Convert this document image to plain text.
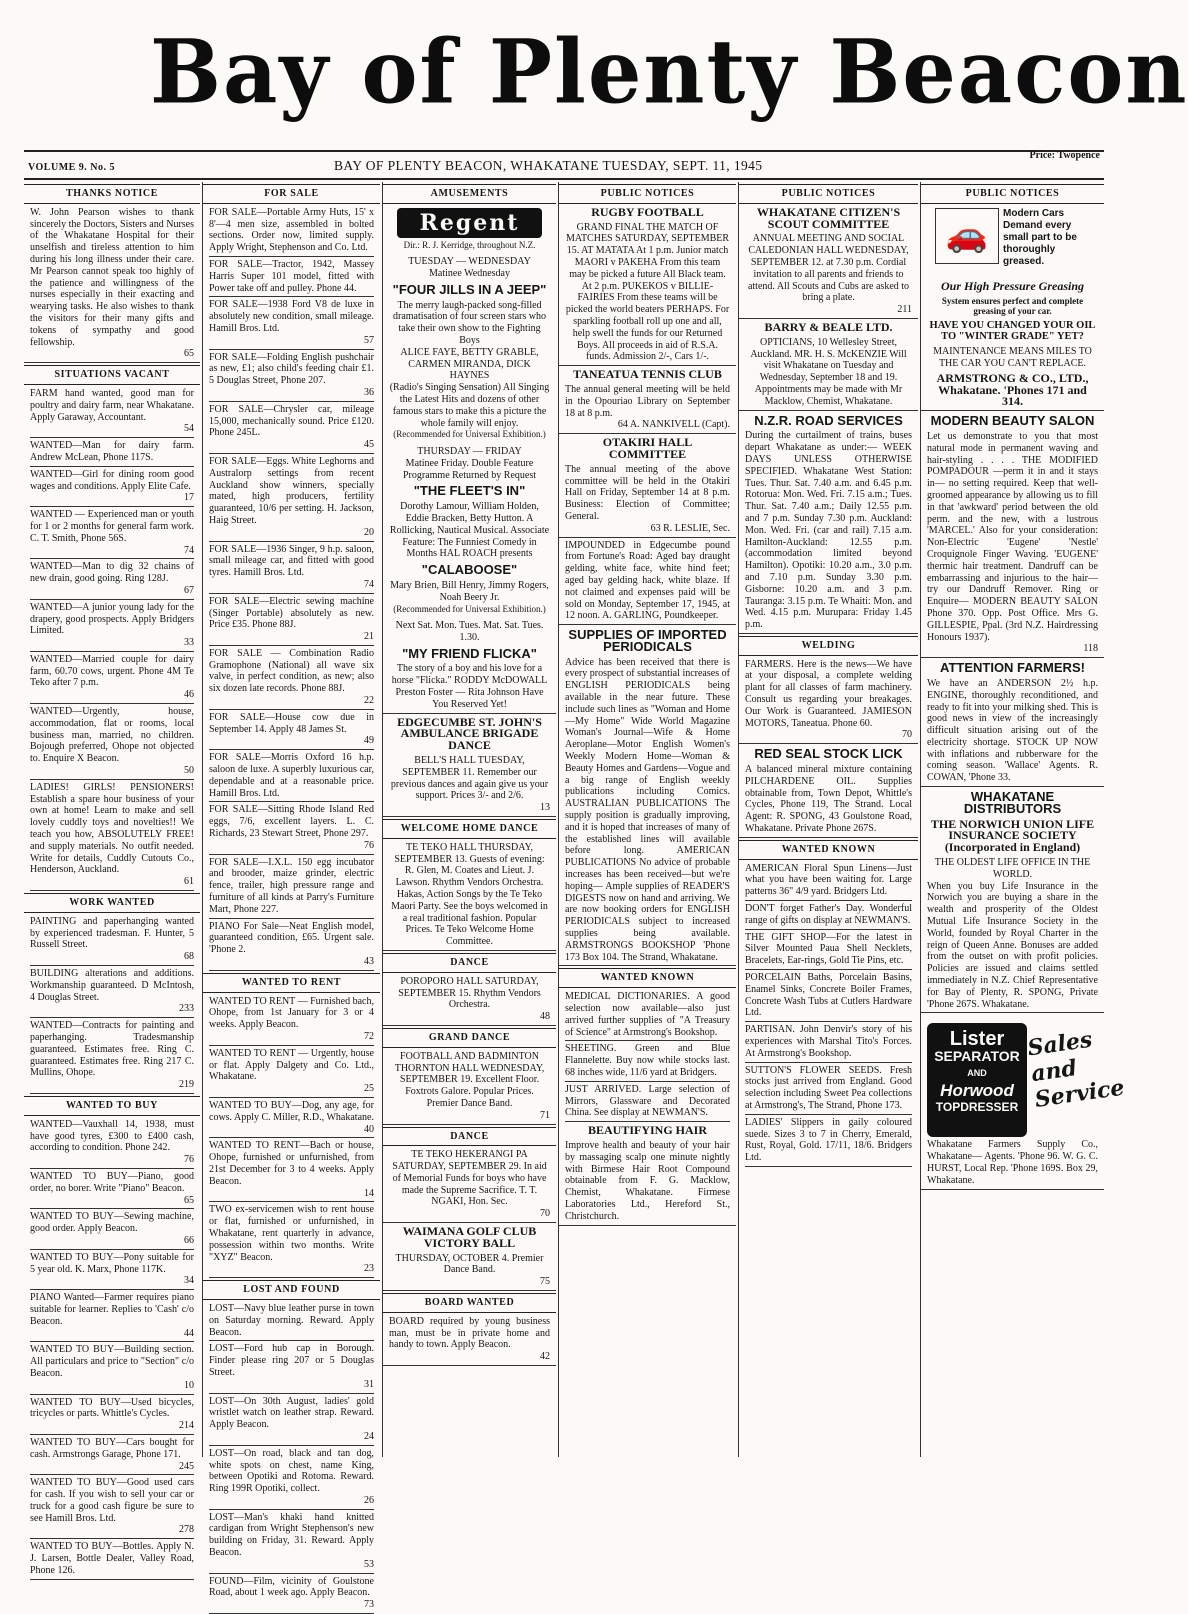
Bay of Plenty Beacon
VOLUME 9. No. 5	BAY OF PLENTY BEACON, WHAKATANE TUESDAY, SEPT. 11, 1945
Price: Twopence
THANKS NOTICE
W. John Pearson wishes to thank sincerely the Doctors, Sisters and Nurses of the Whakatane Hospital for their unselfish and tireless attention to him during his long illness under their care. Mr Pearson cannot speak too highly of the patience and willingness of the nurses especially in their exacting and wearying tasks. He also wishes to thank the visitors for their many gifts and tokens of sympathy and good fellowship.
65
SITUATIONS VACANT
FARM hand wanted, good man for poultry and dairy farm, near Whakatane. Apply Garaway, Accountant.
54
WANTED—Man for dairy farm. Andrew McLean, Phone 117S.
WANTED—Girl for dining room good wages and conditions. Apply Elite Cafe.
17
WANTED — Experienced man or youth for 1 or 2 months for general farm work. C. T. Smith, Phone 56S.
74
WANTED—Man to dig 32 chains of new drain, good going. Ring 128J.
67
WANTED—A junior young lady for the drapery, good prospects. Apply Bridgers Limited.
33
WANTED—Married couple for dairy farm, 60.70 cows, urgent. Phone 4M Te Teko after 7 p.m.
46
WANTED—Urgently, house, accommodation, flat or rooms, local business man, married, no children. Bojough preferred, Ohope not objected to. Enquire X Beacon.
50
LADIES! GIRLS! PENSIONERS! Establish a spare hour business of your own at home! Learn to make and sell lovely cuddly toys and novelties!! We teach you how, ABSOLUTELY FREE! and supply materials. No outfit needed. Write for details, Cuddly Cutouts Co., Henderson, Auckland.
61
WORK WANTED
PAINTING and paperhanging wanted by experienced tradesman. F. Hunter, 5 Russell Street.
68
BUILDING alterations and additions. Workmanship guaranteed. D McIntosh, 4 Douglas Street.
233
WANTED—Contracts for painting and paperhanging. Tradesmanship guaranteed. Estimates free. Ring C. guaranteed. Estimates free. Ring 217 C. Mullins, Ohope.
219
WANTED TO BUY
WANTED—Vauxhall 14, 1938, must have good tyres, £300 to £400 cash, according to condition. Phone 242.
76
WANTED TO BUY—Piano, good order, no borer. Write "Piano" Beacon.
65
WANTED TO BUY—Sewing machine, good order. Apply Beacon.
66
WANTED TO BUY—Pony suitable for 5 year old. K. Marx, Phone 117K.
34
PIANO Wanted—Farmer requires piano suitable for learner. Replies to 'Cash' c/o Beacon.
44
WANTED TO BUY—Building section. All particulars and price to "Section" c/o Beacon.
10
WANTED TO BUY—Used bicycles, tricycles or parts. Whittle's Cycles.
214
WANTED TO BUY—Cars bought for cash. Armstrongs Garage, Phone 171.
245
WANTED TO BUY—Good used cars for cash. If you wish to sell your car or truck for a good cash figure be sure to see Hamill Bros. Ltd.
278
WANTED TO BUY—Bottles. Apply N. J. Larsen, Bottle Dealer, Valley Road, Phone 126.
FOR SALE
FOR SALE—Portable Army Huts, 15' x 8'—4 men size, assembled in bolted sections. Order now, limited supply. Apply Wright, Stephenson and Co. Ltd.
FOR SALE—Tractor, 1942, Massey Harris Super 101 model, fitted with Power take off and pulley. Phone 44.
FOR SALE—1938 Ford V8 de luxe in absolutely new condition, small mileage. Hamill Bros. Ltd.
57
FOR SALE—Folding English pushchair as new, £1; also child's feeding chair £1. 5 Douglas Street, Phone 207.
36
FOR SALE—Chrysler car, mileage 15,000, mechanically sound. Price £120. Phone 245L.
45
FOR SALE—Eggs. White Leghorns and Australorp settings from recent Auckland show winners, specially mated, high producers, fertility guaranteed, 10/6 per setting. H. Jackson, Haig Street.
20
FOR SALE—1936 Singer, 9 h.p. saloon, small mileage car, and fitted with good tyres. Hamill Bros. Ltd.
74
FOR SALE—Electric sewing machine (Singer Portable) absolutely as new. Price £35. Phone 88J.
21
FOR SALE — Combination Radio Gramophone (National) all wave six valve, in perfect condition, as new; also six dozen late records. Phone 88J.
22
FOR SALE—House cow due in September 14. Apply 48 James St.
49
FOR SALE—Morris Oxford 16 h.p. saloon de luxe. A superbly luxurious car, dependable and at a reasonable price. Hamill Bros. Ltd.
FOR SALE—Sitting Rhode Island Red eggs, 7/6, excellent layers. L. C. Richards, 23 Stewart Street, Phone 297.
76
FOR SALE—I.X.L. 150 egg incubator and brooder, maize grinder, electric fence, trailer, high pressure range and furniture of all kinds at Parry's Furniture Mart, Phone 227.
PIANO For Sale—Neat English model, guaranteed condition, £65. Urgent sale. 'Phone 2.
43
WANTED TO RENT
WANTED TO RENT — Furnished bach, Ohope, from 1st January for 3 or 4 weeks. Apply Beacon.
72
WANTED TO RENT — Urgently, house or flat. Apply Dalgety and Co. Ltd., Whakatane.
25
WANTED TO BUY—Dog, any age, for cows. Apply C. Miller, R.D., Whakatane.
40
WANTED TO RENT—Bach or house, Ohope, furnished or unfurnished, from 21st December for 3 to 4 weeks. Apply Beacon.
14
TWO ex-servicemen wish to rent house or flat, furnished or unfurnished, in Whakatane, rent quarterly in advance, possession within two months. Write "XYZ" Beacon.
23
LOST AND FOUND
LOST—Navy blue leather purse in town on Saturday morning. Reward. Apply Beacon.
LOST—Ford hub cap in Borough. Finder please ring 207 or 5 Douglas Street.
31
LOST—On 30th August, ladies' gold wristlet watch on leather strap. Reward. Apply Beacon.
24
LOST—On road, black and tan dog, white spots on chest, name King, between Opotiki and Rotoma. Reward. Ring 199R Opotiki, collect.
26
LOST—Man's khaki hand knitted cardigan from Wright Stephenson's new building on Friday, 31. Reward. Apply Beacon.
53
FOUND—Film, vicinity of Goulstone Road, about 1 week ago. Apply Beacon.
73
AMUSEMENTS
Regent
Dir.: R. J. Kerridge, throughout N.Z.
TUESDAY — WEDNESDAY
Matinee Wednesday
"FOUR JILLS IN A JEEP"
The merry laugh-packed song-filled dramatisation of four screen stars who take their own show to the Fighting Boys
ALICE FAYE, BETTY GRABLE, CARMEN MIRANDA, DICK HAYNES
(Radio's Singing Sensation) All Singing the Latest Hits and dozens of other famous stars to make this a picture the whole family will enjoy.
(Recommended for Universal Exhibition.)
THURSDAY — FRIDAY
Matinee Friday. Double Feature Programme Returned by Request
"THE FLEET'S IN"
Dorothy Lamour, William Holden, Eddie Bracken, Betty Hutton. A Rollicking, Nautical Musical. Associate Feature: The Funniest Comedy in Months HAL ROACH presents
"CALABOOSE"
Mary Brien, Bill Henry, Jimmy Rogers, Noah Beery Jr.
(Recommended for Universal Exhibition.)
Next Sat. Mon. Tues. Mat. Sat. Tues. 1.30.
"MY FRIEND FLICKA"
The story of a boy and his love for a horse "Flicka." RODDY McDOWALL Preston Foster — Rita Johnson Have You Reserved Yet!
EDGECUMBE ST. JOHN'S AMBULANCE BRIGADE DANCE
BELL'S HALL TUESDAY, SEPTEMBER 11. Remember our previous dances and again give us your support. Prices 3/- and 2/6.
13
WELCOME HOME DANCE
TE TEKO HALL THURSDAY, SEPTEMBER 13. Guests of evening: R. Glen, M. Coates and Lieut. J. Lawson. Rhythm Vendors Orchestra. Hakas, Action Songs by the Te Teko Maori Party. See the boys welcomed in a real traditional fashion. Popular Prices. Te Teko Welcome Home Committee.
DANCE
POROPORO HALL SATURDAY, SEPTEMBER 15. Rhythm Vendors Orchestra.
48
GRAND DANCE
FOOTBALL AND BADMINTON THORNTON HALL WEDNESDAY, SEPTEMBER 19. Excellent Floor. Foxtrots Galore. Popular Prices. Premier Dance Band.
71
DANCE
TE TEKO HEKERANGI PA SATURDAY, SEPTEMBER 29. In aid of Memorial Funds for boys who have made the Supreme Sacrifice. T. T. NGAKI, Hon. Sec.
70
WAIMANA GOLF CLUB VICTORY BALL
THURSDAY, OCTOBER 4. Premier Dance Band.
75
BOARD WANTED
BOARD required by young business man, must be in private home and handy to town. Apply Beacon.
42
PUBLIC NOTICES
RUGBY FOOTBALL
GRAND FINAL THE MATCH OF MATCHES SATURDAY, SEPTEMBER 15. AT MATATA At 1 p.m. Junior match MAORI v PAKEHA From this team may be picked a future All Black team. At 2 p.m. PUKEKOS v BILLIE-FAIRIES From these teams will be picked the world beaters PERHAPS. For sparkling football roll up one and all, help swell the funds for our Returned Boys. All proceeds in aid of R.S.A. funds. Admission 2/-, Cars 1/-.
TANEATUA TENNIS CLUB
The annual general meeting will be held in the Opouriao Library on September 18 at 8 p.m.
64 A. NANKIVELL (Capt).
OTAKIRI HALL COMMITTEE
The annual meeting of the above committee will be held in the Otakiri Hall on Friday, September 14 at 8 p.m. Business: Election of Committee; General.
63 R. LESLIE, Sec.
IMPOUNDED in Edgecumbe pound from Fortune's Road: Aged bay draught gelding, white face, white hind feet; aged bay gelding hack, white blaze. If not claimed and expenses paid will be sold on Monday, September 17, 1945, at 12 noon. A. GARLING, Poundkeeper.
SUPPLIES OF IMPORTED PERIODICALS
Advice has been received that there is every prospect of substantial increases of ENGLISH PERIODICALS being available in the near future. These include such lines as "Woman and Home—My Home" Wide World Magazine Woman's Journal—Wife & Home Aeroplane—Motor English Women's Weekly Modern Home—Woman & Beauty Homes and Gardens—Vogue and a big range of English weekly publications including Comics. AUSTRALIAN PUBLICATIONS The supply position is gradually improving, and it is hoped that increases of many of the established lines will available before long. AMERICAN PUBLICATIONS No advice of probable increases has been received—but we're hoping— Ample supplies of READER'S DIGESTS now on hand and arriving. We are now booking orders for ENGLISH PERIODICALS subject to increased supplies being available. ARMSTRONGS BOOKSHOP 'Phone 173 Box 104. The Strand, Whakatane.
WANTED KNOWN
MEDICAL DICTIONARIES. A good selection now available—also just arrived further supplies of "A Treasury of Science" at Armstrong's Bookshop.
SHEETING. Green and Blue Flannelette. Buy now while stocks last. 68 inches wide, 11/6 yard at Bridgers.
JUST ARRIVED. Large selection of Mirrors, Glassware and Decorated China. See display at NEWMAN'S.
BEAUTIFYING HAIR
Improve health and beauty of your hair by massaging scalp one minute nightly with Birmese Hair Root Compound obtainable from F. G. Macklow, Chemist, Whakatane. Firmese Laboratories Ltd., Hereford St., Christchurch.
PUBLIC NOTICES
WHAKATANE CITIZEN'S SCOUT COMMITTEE
ANNUAL MEETING AND SOCIAL CALEDONIAN HALL WEDNESDAY, SEPTEMBER 12. at 7.30 p.m. Cordial invitation to all parents and friends to attend. All Scouts and Cubs are asked to bring a plate.
211
BARRY & BEALE LTD.
OPTICIANS, 10 Wellesley Street, Auckland. MR. H. S. McKENZIE Will visit Whakatane on Tuesday and Wednesday, September 18 and 19. Appointments may be made with Mr Macklow, Chemist, Whakatane.
N.Z.R. ROAD SERVICES
During the curtailment of trains, buses depart Whakatane as under:— WEEK DAYS UNLESS OTHERWISE SPECIFIED. Whakatane West Station: Tues. Thur. Sat. 7.40 a.m. and 6.45 p.m. Rotorua: Mon. Wed. Fri. 7.15 a.m.; Tues. Thur. Sat. 7.40 a.m.; Daily 12.55 p.m. and 7 p.m. Sunday 7.30 p.m. Auckland: Mon. Wed. Fri. (car and rail) 7.15 a.m. Hamilton-Auckland: 12.55 p.m. (accommodation limited beyond Hamilton). Opotiki: 10.20 a.m., 3.0 p.m. and 7.10 p.m. Sunday 3.30 p.m. Gisborne: 10.20 a.m. and 3 p.m. Tauranga: 3.15 p.m. Te Whaiti: Mon. and Wed. 4.15 p.m. Murupara: Friday 1.45 p.m.
WELDING
FARMERS. Here is the news—We have at your disposal, a complete welding plant for all classes of farm machinery. Consult us regarding your breakages. Our Work is Guaranteed. JAMIESON MOTORS, Taneatua. Phone 60.
70
RED SEAL STOCK LICK
A balanced mineral mixture containing PILCHARDENE OIL. Supplies obtainable from, Town Depot, Whittle's Cycles, Phone 119, The Strand. Local Agent: R. SPONG, 43 Goulstone Road, Whakatane. Private Phone 267S.
WANTED KNOWN
AMERICAN Floral Spun Linens—Just what you have been waiting for. Large patterns 36" 4/9 yard. Bridgers Ltd.
DON'T forget Father's Day. Wonderful range of gifts on display at NEWMAN'S.
THE GIFT SHOP—For the latest in Silver Mounted Paua Shell Necklets, Bracelets, Ear-rings, Gold Tie Pins, etc.
PORCELAIN Baths, Porcelain Basins, Enamel Sinks, Concrete Boiler Frames, Concrete Wash Tubs at Cutlers Hardware Ltd.
PARTISAN. John Denvir's story of his experiences with Marshal Tito's Forces. At Armstrong's Bookshop.
SUTTON'S FLOWER SEEDS. Fresh stocks just arrived from England. Good selection including Sweet Pea collections at Armstrong's, The Strand, Phone 173.
LADIES' Slippers in gaily coloured suede. Sizes 3 to 7 in Cherry, Emerald, Rust, Royal, Gold. 17/11, 18/6. Bridgers Ltd.
PUBLIC NOTICES
🚗
Modern Cars Demand every small part to be thoroughly greased.
Our High Pressure Greasing
System ensures perfect and complete greasing of your car.
HAVE YOU CHANGED YOUR OIL TO "WINTER GRADE" YET?
MAINTENANCE MEANS MILES TO THE CAR YOU CAN'T REPLACE.
ARMSTRONG & CO., LTD., Whakatane. 'Phones 171 and 314.
MODERN BEAUTY SALON
Let us demonstrate to you that most natural mode in permanent waving and hair-styling . . . . THE MODIFIED POMPADOUR —perm it in and it stays in— no setting required. Keep that well-groomed appearance by allowing us to fill in that 'awkward' period between the old perm. and the new, with a lustrous 'MARCEL.' Also for your consideration: Non-Electric 'Eugene' 'Nestle' Croquignole Finger Waving. 'EUGENE' thermic hair treatment. Dandruff can be embarrassing and injurious to the hair—try our Dandruff Remover. Ring or Enquire— MODERN BEAUTY SALON Phone 370. Opp. Post Office. Mrs G. GILLESPIE, Ppal. (3rd N.Z. Hairdressing Honours 1937).
118
ATTENTION FARMERS!
We have an ANDERSON 2½ h.p. ENGINE, thoroughly reconditioned, and ready to fit into your milking shed. This is good news in view of the increasingly difficult situation arising out of the electricity shortage. STOCK UP NOW with inflations and rubberware for the coming season. 'Wallace' Agents. R. COWAN, 'Phone 33.
WHAKATANE DISTRIBUTORS
THE NORWICH UNION LIFE INSURANCE SOCIETY (Incorporated in England)
THE OLDEST LIFE OFFICE IN THE WORLD.
When you buy Life Insurance in the Norwich you are buying a share in the wealth and prosperity of the Oldest Mutual Life Insurance Society in the World, founded by Royal Charter in the reign of Queen Anne. Bonuses are added from the outset on with profit policies. Policies are issued and claims settled immediately in N.Z. Chief Representative for Bay of Plenty, R. SPONG, Private 'Phone 267S. Whakatane.
Lister
SEPARATOR
AND
Horwood
TOPDRESSER
Sales and Service
Whakatane Farmers Supply Co., Whakatane— Agents. 'Phone 96. W. G. C. HURST, Local Rep. 'Phone 169S. Box 29, Whakatane.
